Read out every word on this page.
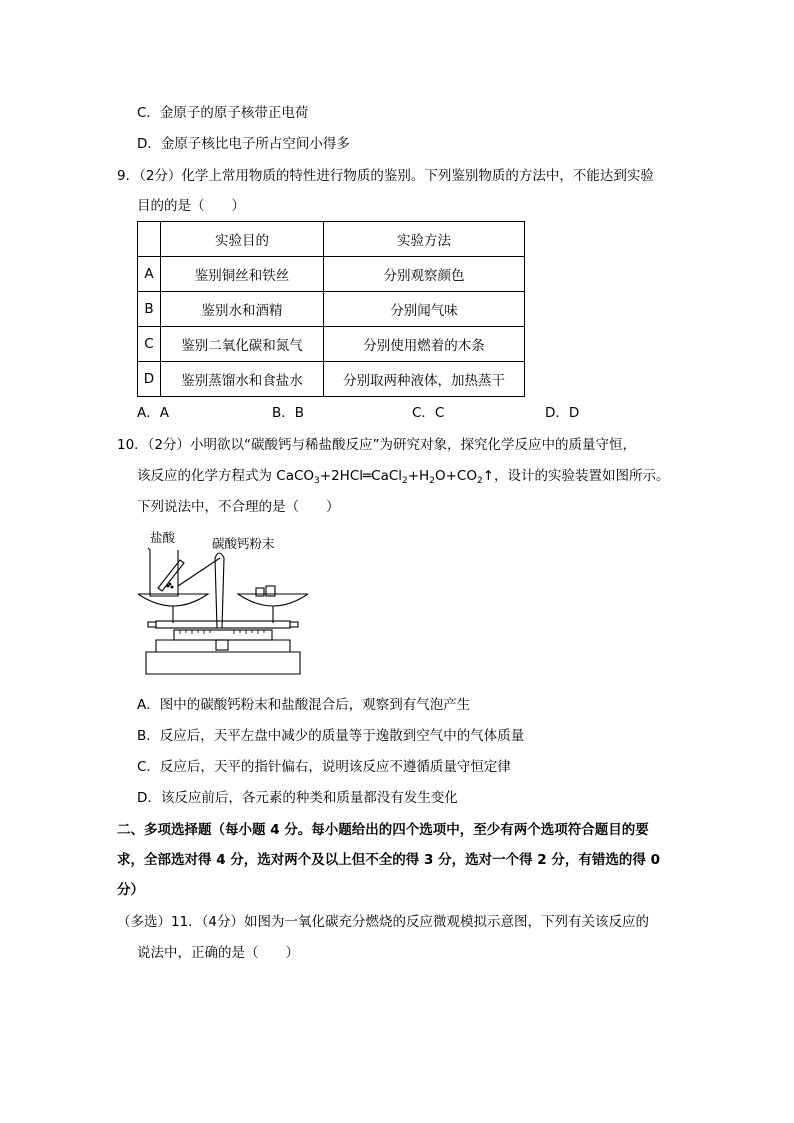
C．金原子的原子核带正电荷
D．金原子核比电子所占空间小得多
9．（2分）化学上常用物质的特性进行物质的鉴别。下列鉴别物质的方法中，不能达到实验
目的的是（　　）
	实验目的	实验方法
A	鉴别铜丝和铁丝	分别观察颜色
B	鉴别水和酒精	分别闻气味
C	鉴别二氧化碳和氮气	分别使用燃着的木条
D	鉴别蒸馏水和食盐水	分别取两种液体，加热蒸干
A．A	B．B	C．C	D．D
10．（2分）小明欲以“碳酸钙与稀盐酸反应”为研究对象，探究化学反应中的质量守恒，
该反应的化学方程式为 $CaCO_3+2HCl═CaCl_2+H_2O+CO_2↑$，设计的实验装置如图所示。
下列说法中，不合理的是（　　）
盐酸	碳酸钙粉末
A．图中的碳酸钙粉末和盐酸混合后，观察到有气泡产生
B．反应后，天平左盘中减少的质量等于逸散到空气中的气体质量
C．反应后，天平的指针偏右，说明该反应不遵循质量守恒定律
D．该反应前后，各元素的种类和质量都没有发生变化
二、多项选择题（每小题 4 分。每小题给出的四个选项中，至少有两个选项符合题目的要
求，全部选对得 4 分，选对两个及以上但不全的得 3 分，选对一个得 2 分，有错选的得 0
分）
（多选）11．（4分）如图为一氧化碳充分燃烧的反应微观模拟示意图，下列有关该反应的
说法中，正确的是（　　）
